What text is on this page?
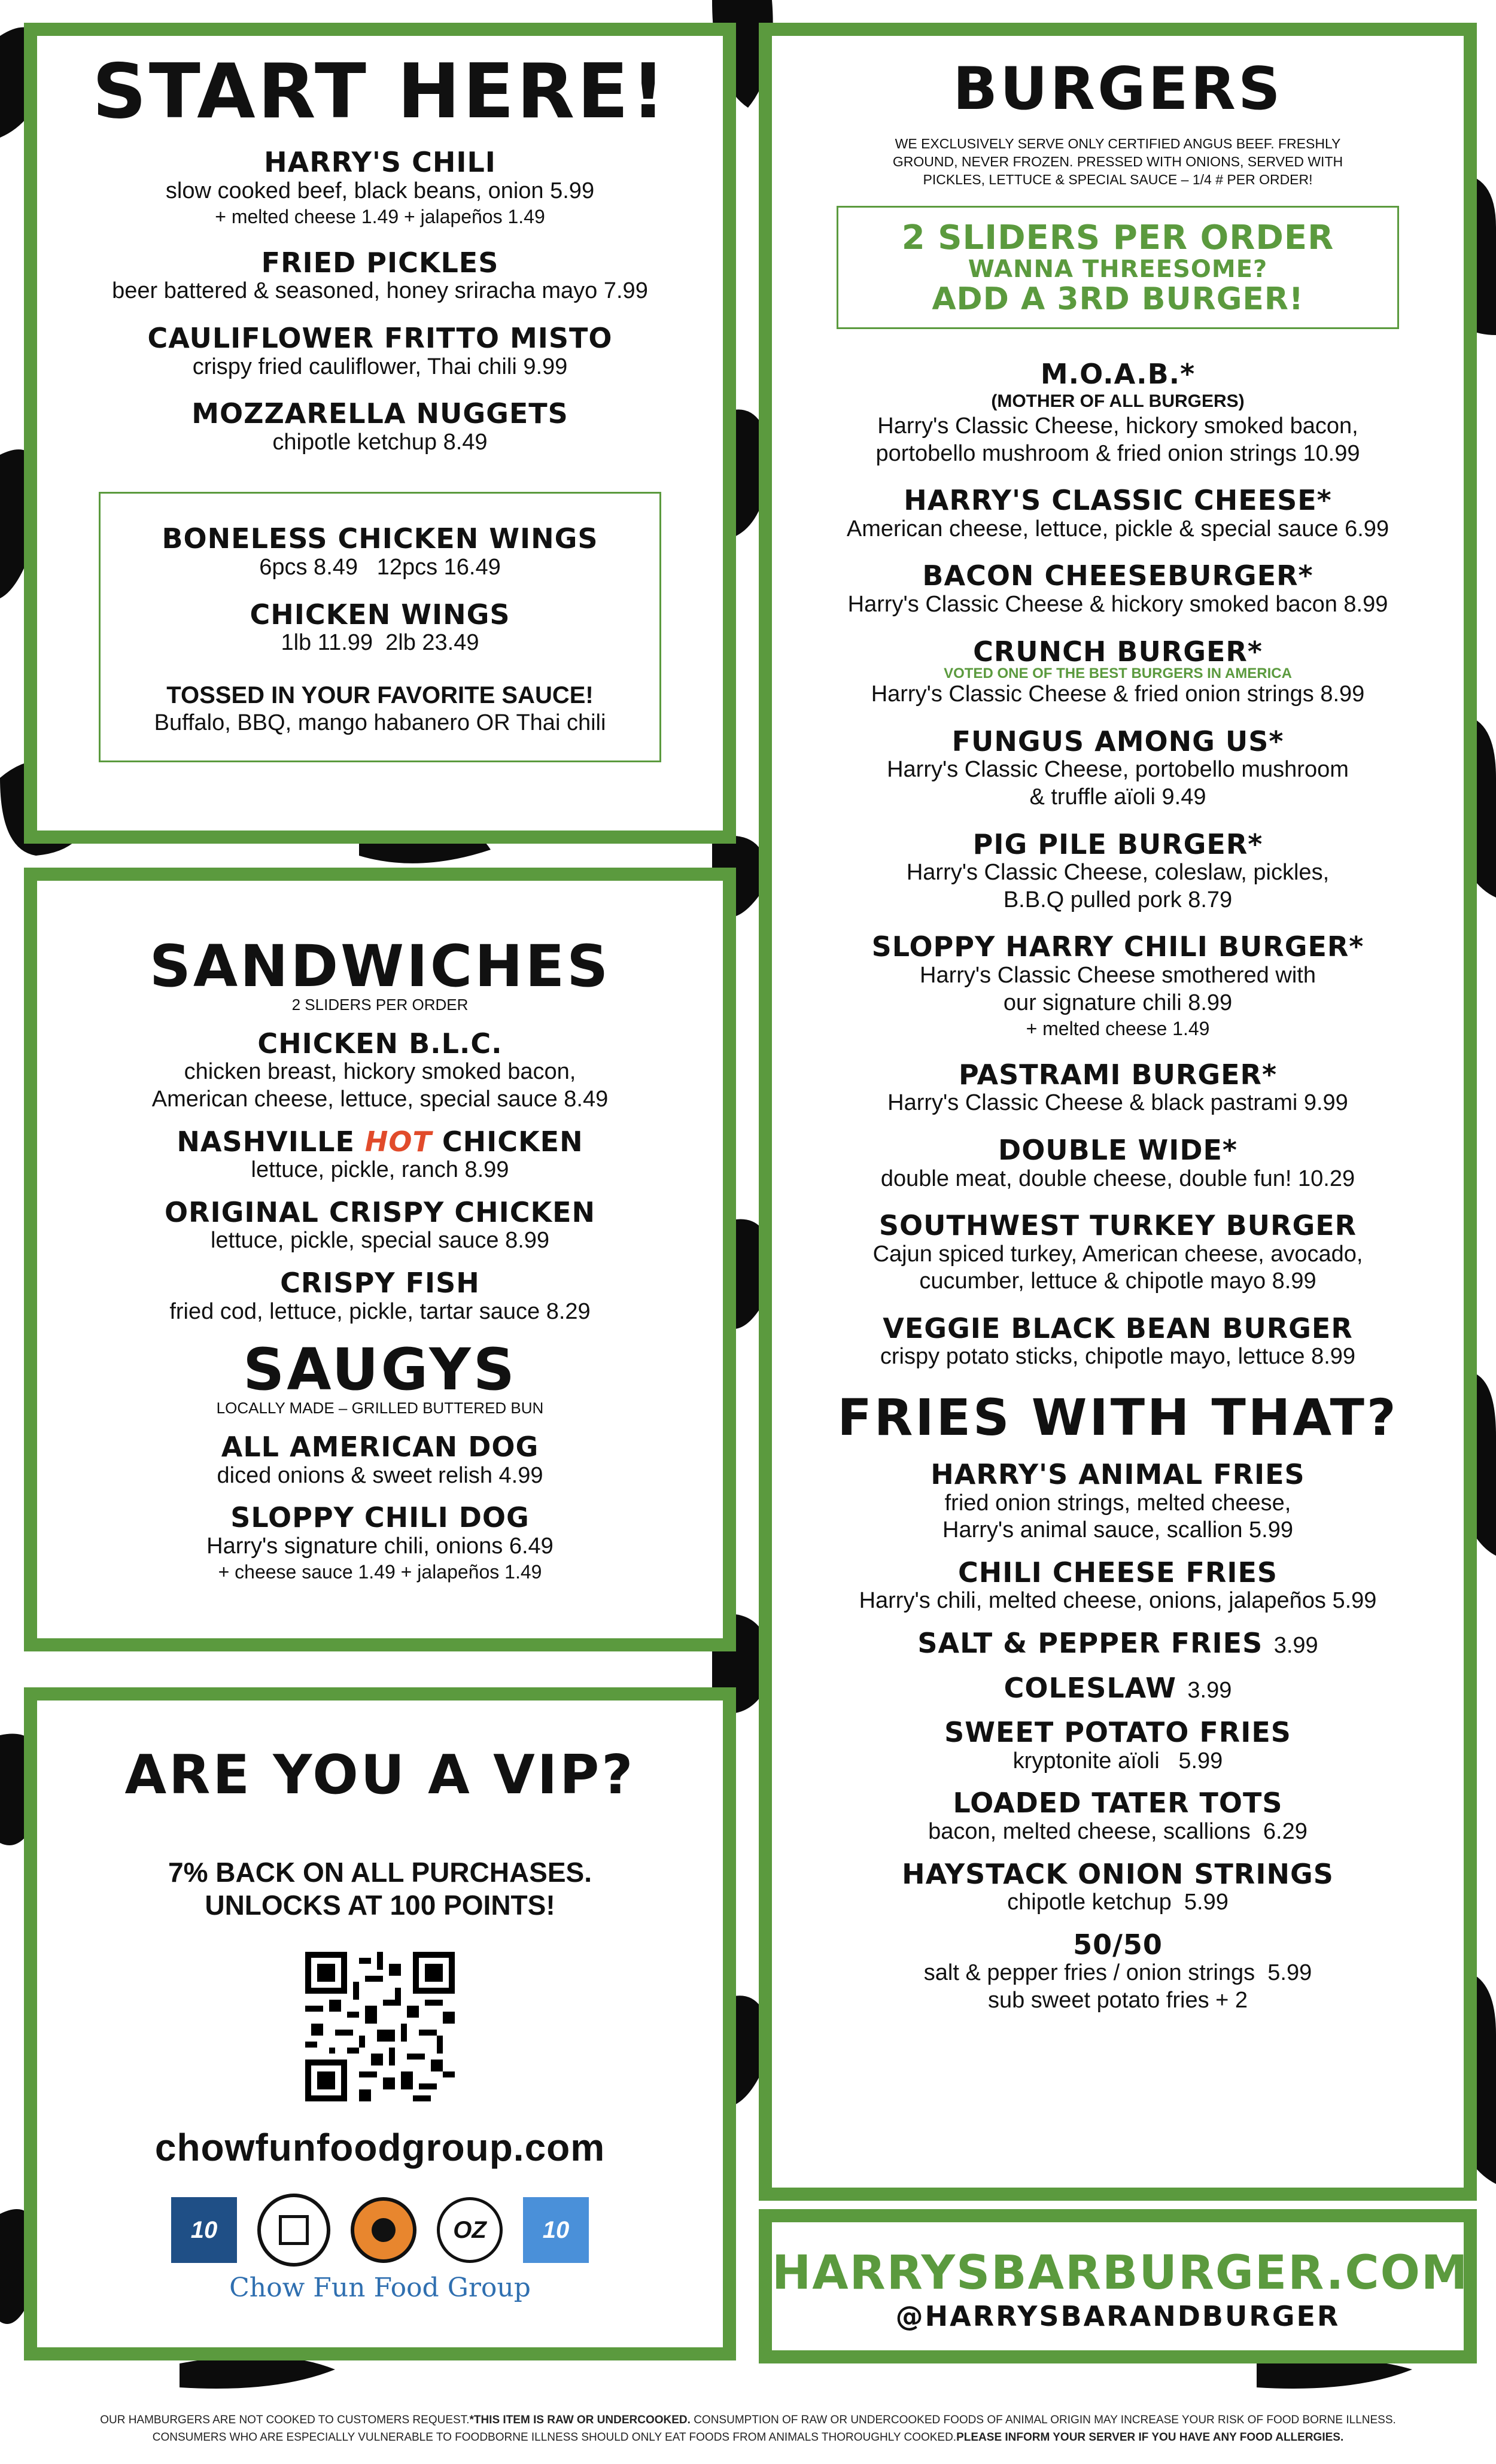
START HERE!
HARRY'S CHILI
slow cooked beef, black beans, onion 5.99
+ melted cheese 1.49 + jalapeños 1.49
FRIED PICKLES
beer battered & seasoned, honey sriracha mayo 7.99
CAULIFLOWER FRITTO MISTO
crispy fried cauliflower, Thai chili 9.99
MOZZARELLA NUGGETS
chipotle ketchup 8.49
BONELESS CHICKEN WINGS
6pcs 8.49   12pcs 16.49
CHICKEN WINGS
1lb 11.99  2lb 23.49
TOSSED IN YOUR FAVORITE SAUCE!
Buffalo, BBQ, mango habanero OR Thai chili
SANDWICHES
2 SLIDERS PER ORDER
CHICKEN B.L.C.
chicken breast, hickory smoked bacon,
American cheese, lettuce, special sauce 8.49
NASHVILLE HOT CHICKEN
lettuce, pickle, ranch 8.99
ORIGINAL CRISPY CHICKEN
lettuce, pickle, special sauce 8.99
CRISPY FISH
fried cod, lettuce, pickle, tartar sauce 8.29
SAUGYS
LOCALLY MADE – GRILLED BUTTERED BUN
ALL AMERICAN DOG
diced onions & sweet relish 4.99
SLOPPY CHILI DOG
Harry's signature chili, onions 6.49
+ cheese sauce 1.49 + jalapeños 1.49
ARE YOU A VIP?
7% BACK ON ALL PURCHASES.
UNLOCKS AT 100 POINTS!
chowfunfoodgroup.com
10	OZ	10
Chow Fun Food Group
BURGERS
WE EXCLUSIVELY SERVE ONLY CERTIFIED ANGUS BEEF. FRESHLY GROUND, NEVER FROZEN. PRESSED WITH ONIONS, SERVED WITH PICKLES, LETTUCE & SPECIAL SAUCE – 1/4 # PER ORDER!
2 SLIDERS PER ORDER
WANNA THREESOME?
ADD A 3RD BURGER!
M.O.A.B.*
(MOTHER OF ALL BURGERS)
Harry's Classic Cheese, hickory smoked bacon,
portobello mushroom & fried onion strings 10.99
HARRY'S CLASSIC CHEESE*
American cheese, lettuce, pickle & special sauce 6.99
BACON CHEESEBURGER*
Harry's Classic Cheese & hickory smoked bacon 8.99
CRUNCH BURGER*
VOTED ONE OF THE BEST BURGERS IN AMERICA
Harry's Classic Cheese & fried onion strings 8.99
FUNGUS AMONG US*
Harry's Classic Cheese, portobello mushroom
& truffle aïoli 9.49
PIG PILE BURGER*
Harry's Classic Cheese, coleslaw, pickles,
B.B.Q pulled pork 8.79
SLOPPY HARRY CHILI BURGER*
Harry's Classic Cheese smothered with
our signature chili 8.99
+ melted cheese 1.49
PASTRAMI BURGER*
Harry's Classic Cheese & black pastrami 9.99
DOUBLE WIDE*
double meat, double cheese, double fun! 10.29
SOUTHWEST TURKEY BURGER
Cajun spiced turkey, American cheese, avocado,
cucumber, lettuce & chipotle mayo 8.99
VEGGIE BLACK BEAN BURGER
crispy potato sticks, chipotle mayo, lettuce 8.99
FRIES WITH THAT?
HARRY'S ANIMAL FRIES
fried onion strings, melted cheese,
Harry's animal sauce, scallion 5.99
CHILI CHEESE FRIES
Harry's chili, melted cheese, onions, jalapeños 5.99
SALT & PEPPER FRIES 3.99
COLESLAW 3.99
SWEET POTATO FRIES
kryptonite aïoli   5.99
LOADED TATER TOTS
bacon, melted cheese, scallions  6.29
HAYSTACK ONION STRINGS
chipotle ketchup  5.99
50/50
salt & pepper fries / onion strings  5.99
sub sweet potato fries + 2
HARRYSBARBURGER.COM
@HARRYSBARANDBURGER
OUR HAMBURGERS ARE NOT COOKED TO CUSTOMERS REQUEST.*THIS ITEM IS RAW OR UNDERCOOKED. CONSUMPTION OF RAW OR UNDERCOOKED FOODS OF ANIMAL ORIGIN MAY INCREASE YOUR RISK OF FOOD BORNE ILLNESS.
CONSUMERS WHO ARE ESPECIALLY VULNERABLE TO FOODBORNE ILLNESS SHOULD ONLY EAT FOODS FROM ANIMALS THOROUGHLY COOKED.PLEASE INFORM YOUR SERVER IF YOU HAVE ANY FOOD ALLERGIES.
